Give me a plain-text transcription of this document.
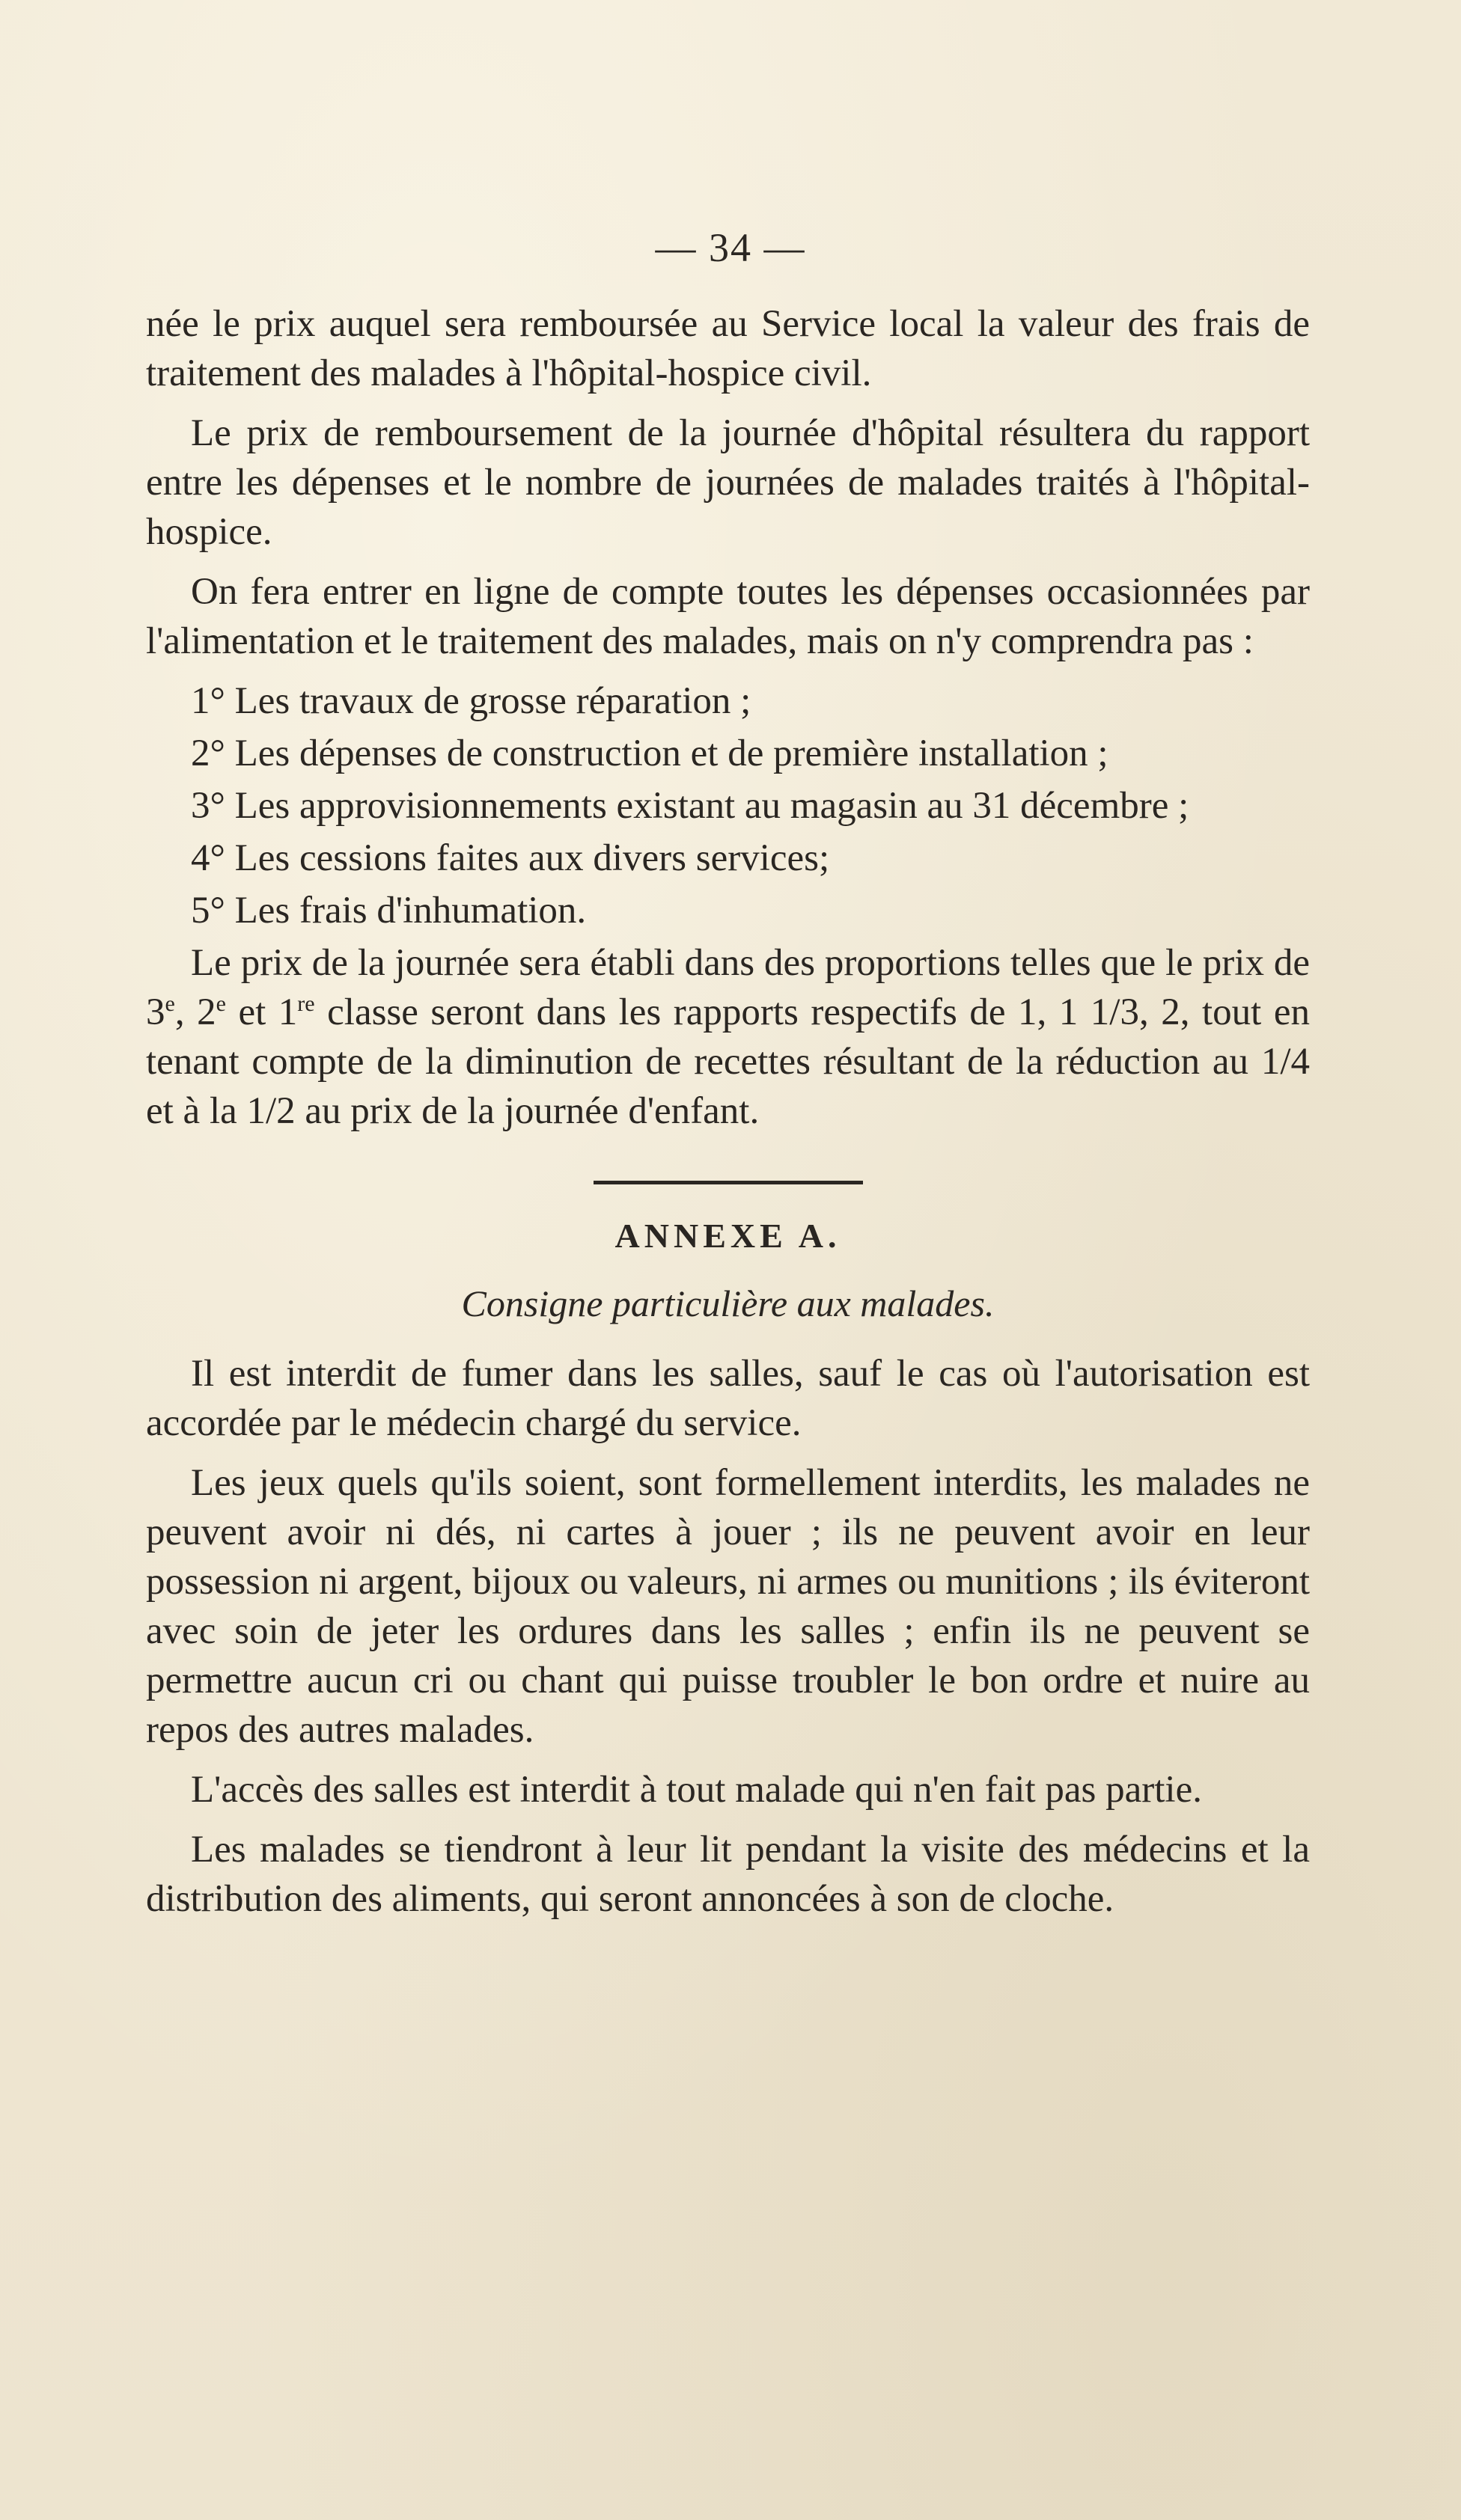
— 34 —

née le prix auquel sera remboursée au Service local la valeur des frais de traitement des malades à l'hôpital-hospice civil.

Le prix de remboursement de la journée d'hôpital résultera du rapport entre les dépenses et le nombre de journées de malades traités à l'hôpital-hospice.

On fera entrer en ligne de compte toutes les dépenses occasionnées par l'alimentation et le traitement des malades, mais on n'y comprendra pas :

1° Les travaux de grosse réparation ;
2° Les dépenses de construction et de première installation ;
3° Les approvisionnements existant au magasin au 31 décembre ;
4° Les cessions faites aux divers services;
5° Les frais d'inhumation.

Le prix de la journée sera établi dans des proportions telles que le prix de 3e, 2e et 1re classe seront dans les rapports respectifs de 1, 1 1/3, 2, tout en tenant compte de la diminution de recettes résultant de la réduction au 1/4 et à la 1/2 au prix de la journée d'enfant.

ANNEXE A.
Consigne particulière aux malades.

Il est interdit de fumer dans les salles, sauf le cas où l'autorisation est accordée par le médecin chargé du service.

Les jeux quels qu'ils soient, sont formellement interdits, les malades ne peuvent avoir ni dés, ni cartes à jouer ; ils ne peuvent avoir en leur possession ni argent, bijoux ou valeurs, ni armes ou munitions ; ils éviteront avec soin de jeter les ordures dans les salles ; enfin ils ne peuvent se permettre aucun cri ou chant qui puisse troubler le bon ordre et nuire au repos des autres malades.

L'accès des salles est interdit à tout malade qui n'en fait pas partie.

Les malades se tiendront à leur lit pendant la visite des médecins et la distribution des aliments, qui seront annoncées à son de cloche.
